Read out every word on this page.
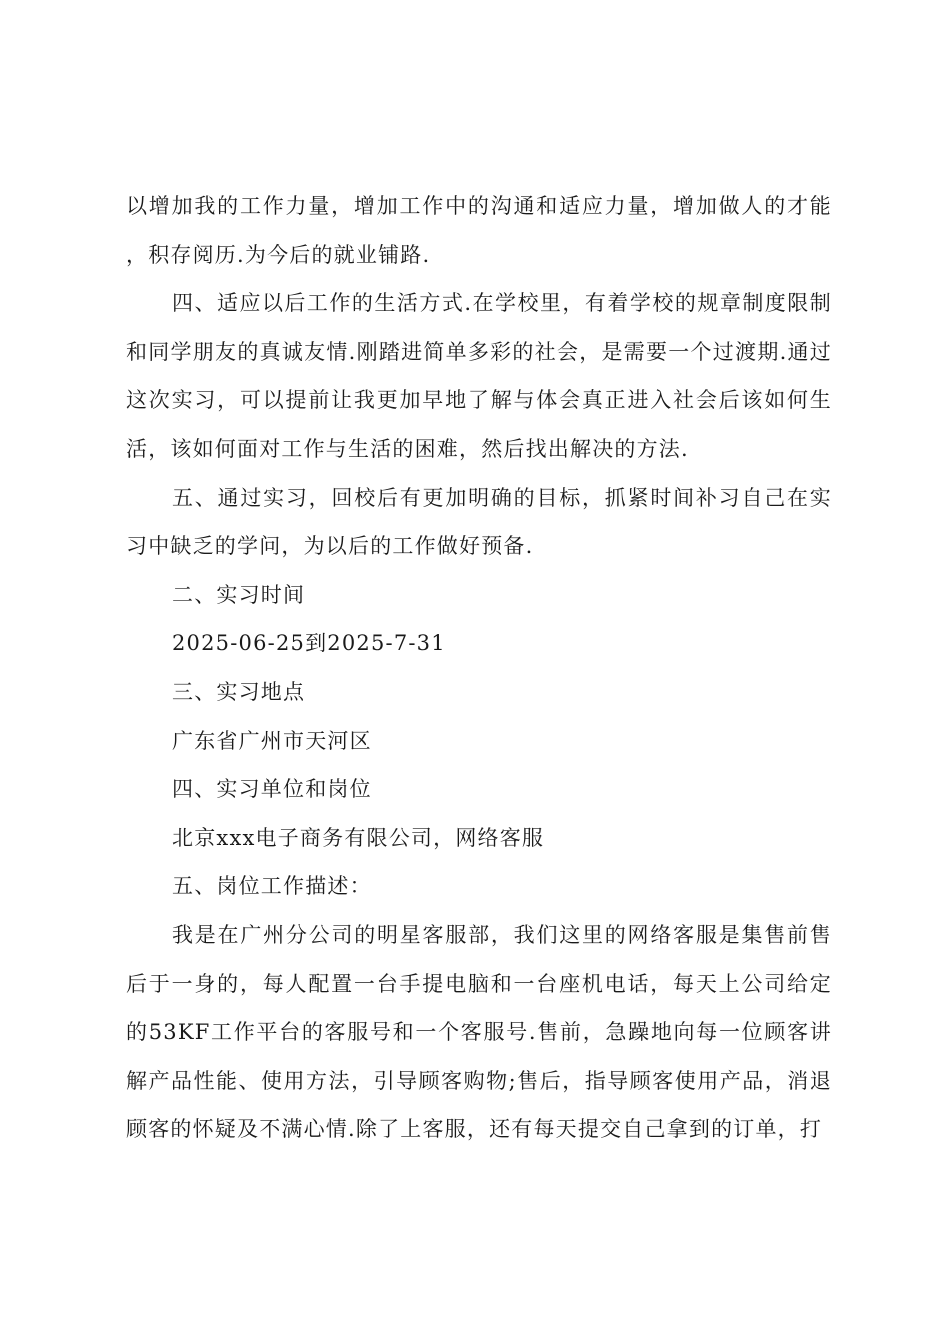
以增加我的工作力量，增加工作中的沟通和适应力量，增加做人的才能，积存阅历.为今后的就业铺路.

四、适应以后工作的生活方式.在学校里，有着学校的规章制度限制和同学朋友的真诚友情.刚踏进简单多彩的社会，是需要一个过渡期.通过这次实习，可以提前让我更加早地了解与体会真正进入社会后该如何生活，该如何面对工作与生活的困难，然后找出解决的方法.

五、通过实习，回校后有更加明确的目标，抓紧时间补习自己在实习中缺乏的学问，为以后的工作做好预备.

二、实习时间

2025-06-25到2025-7-31

三、实习地点

广东省广州市天河区

四、实习单位和岗位

北京xxx电子商务有限公司，网络客服

五、岗位工作描述：

我是在广州分公司的明星客服部，我们这里的网络客服是集售前售后于一身的，每人配置一台手提电脑和一台座机电话，每天上公司给定的53KF工作平台的客服号和一个客服号.售前，急躁地向每一位顾客讲解产品性能、使用方法，引导顾客购物;售后，指导顾客使用产品，消退顾客的怀疑及不满心情.除了上客服，还有每天提交自己拿到的订单，打
